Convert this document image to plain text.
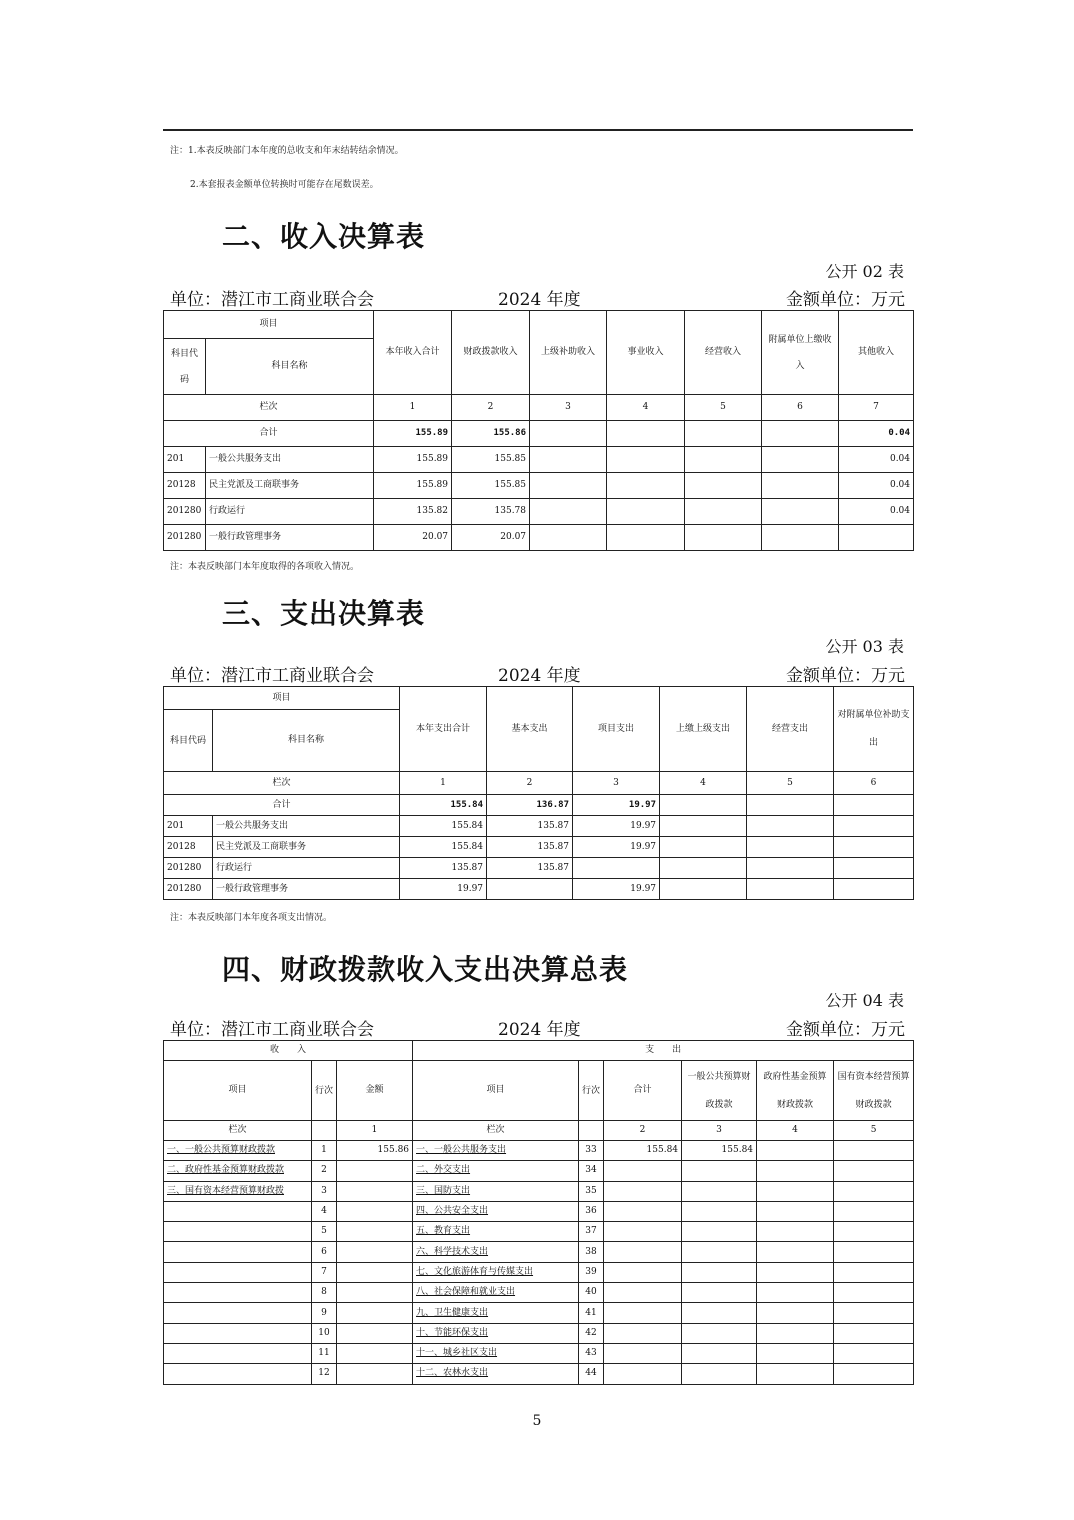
注：1.本表反映部门本年度的总收支和年末结转结余情况。
2.本套报表金额单位转换时可能存在尾数误差。
二、收入决算表
公开 02 表
单位：潜江市工商业联合会	2024 年度	金额单位：万元
项目		本年收入合计	财政拨款收入	上级补助收入	事业收入	经营收入	附属单位上缴收入	其他收入
科目代码	科目名称							
栏次		1	2	3	4	5	6	7
合计		155.89	155.86					0.04
201	一般公共服务支出	155.89	155.85					0.04
20128	民主党派及工商联事务	155.89	155.85					0.04
201280	行政运行	135.82	135.78					0.04
201280	一般行政管理事务	20.07	20.07					
注：本表反映部门本年度取得的各项收入情况。
三、支出决算表
公开 03 表
单位：潜江市工商业联合会	2024 年度	金额单位：万元
项目		本年支出合计	基本支出	项目支出	上缴上级支出	经营支出	对附属单位补助支出
科目代码	科目名称						
栏次		1	2	3	4	5	6
合计		155.84	136.87	19.97			
201	一般公共服务支出	155.84	135.87	19.97			
20128	民主党派及工商联事务	155.84	135.87	19.97			
201280	行政运行	135.87	135.87				
201280	一般行政管理事务	19.97		19.97			
注：本表反映部门本年度各项支出情况。
四、财政拨款收入支出决算总表
公开 04 表
单位：潜江市工商业联合会	2024 年度	金额单位：万元
收　　入			支　　出					
项目	行次	金额	项目	行次	合计	一般公共预算财政拨款	政府性基金预算财政拨款	国有资本经营预算财政拨款
栏次		1	栏次		2	3	4	5
一、一般公共预算财政拨款	1	155.86	一、一般公共服务支出	33	155.84	155.84		
二、政府性基金预算财政拨款	2		二、外交支出	34				
三、国有资本经营预算财政拨	3		三、国防支出	35				
	4		四、公共安全支出	36				
	5		五、教育支出	37				
	6		六、科学技术支出	38				
	7		七、文化旅游体育与传媒支出	39				
	8		八、社会保障和就业支出	40				
	9		九、卫生健康支出	41				
	10		十、节能环保支出	42				
	11		十一、城乡社区支出	43				
	12		十二、农林水支出	44				
5
